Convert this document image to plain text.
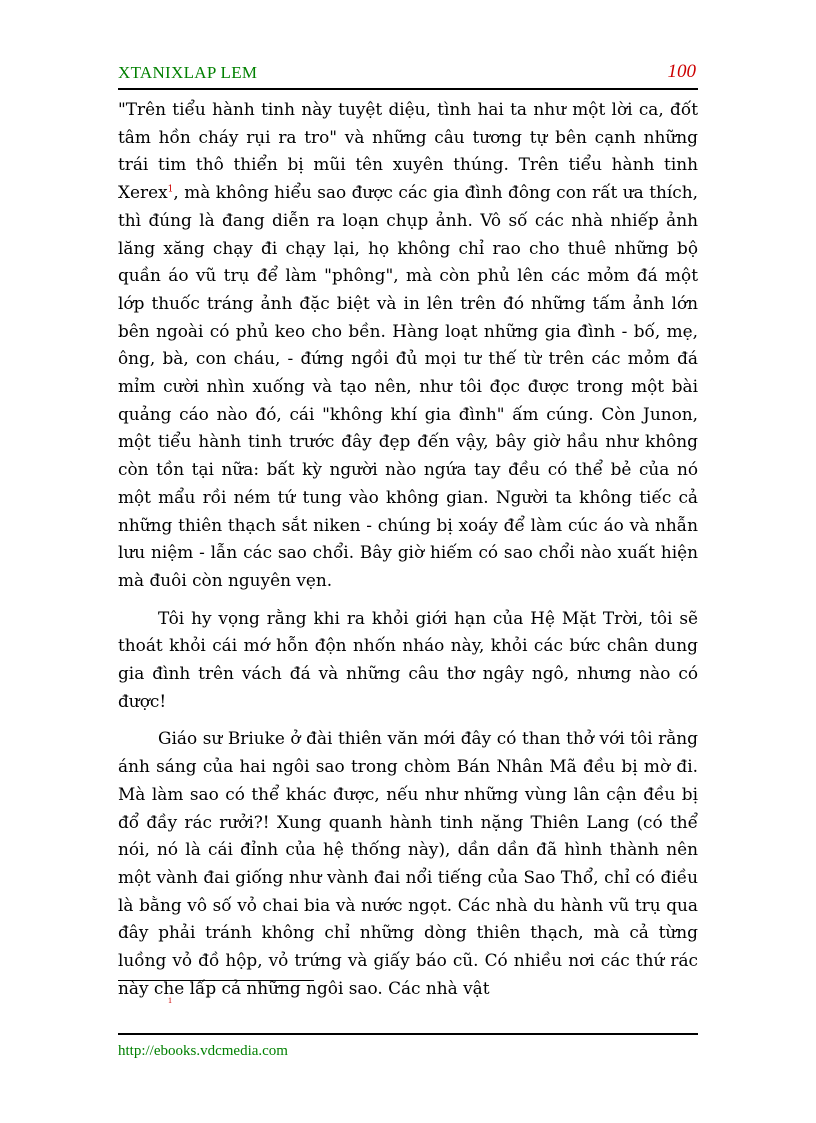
XTANIXLAP LEM	100

"Trên tiểu hành tinh này tuyệt diệu, tình hai ta như một lời ca, đốt tâm hồn cháy rụi ra tro" và những câu tương tự bên cạnh những trái tim thô thiển bị mũi tên xuyên thúng. Trên tiểu hành tinh Xerex$^1$, mà không hiểu sao được các gia đình đông con rất ưa thích, thì đúng là đang diễn ra loạn chụp ảnh. Vô số các nhà nhiếp ảnh lăng xăng chạy đi chạy lại, họ không chỉ rao cho thuê những bộ quần áo vũ trụ để làm "phông", mà còn phủ lên các mỏm đá một lớp thuốc tráng ảnh đặc biệt và in lên trên đó những tấm ảnh lớn bên ngoài có phủ keo cho bền. Hàng loạt những gia đình - bố, mẹ, ông, bà, con cháu, - đứng ngồi đủ mọi tư thế từ trên các mỏm đá mỉm cười nhìn xuống và tạo nên, như tôi đọc được trong một bài quảng cáo nào đó, cái "không khí gia đình" ấm cúng. Còn Junon, một tiểu hành tinh trước đây đẹp đến vậy, bây giờ hầu như không còn tồn tại nữa: bất kỳ người nào ngứa tay đều có thể bẻ của nó một mẩu rồi ném tứ tung vào không gian. Người ta không tiếc cả những thiên thạch sắt niken - chúng bị xoáy để làm cúc áo và nhẫn lưu niệm - lẫn các sao chổi. Bây giờ hiếm có sao chổi nào xuất hiện mà đuôi còn nguyên vẹn.

Tôi hy vọng rằng khi ra khỏi giới hạn của Hệ Mặt Trời, tôi sẽ thoát khỏi cái mớ hỗn độn nhốn nháo này, khỏi các bức chân dung gia đình trên vách đá và những câu thơ ngây ngô, nhưng nào có được!

Giáo sư Briuke ở đài thiên văn mới đây có than thở với tôi rằng ánh sáng của hai ngôi sao trong chòm Bán Nhân Mã đều bị mờ đi. Mà làm sao có thể khác được, nếu như những vùng lân cận đều bị đổ đầy rác rưởi?! Xung quanh hành tinh nặng Thiên Lang (có thể nói, nó là cái đỉnh của hệ thống này), dần dần đã hình thành nên một vành đai giống như vành đai nổi tiếng của Sao Thổ, chỉ có điều là bằng vô số vỏ chai bia và nước ngọt. Các nhà du hành vũ trụ qua đây phải tránh không chỉ những dòng thiên thạch, mà cả từng luồng vỏ đồ hộp, vỏ trứng và giấy báo cũ. Có nhiều nơi các thứ rác này che lấp cả những ngôi sao. Các nhà vật

1
http://ebooks.vdcmedia.com
